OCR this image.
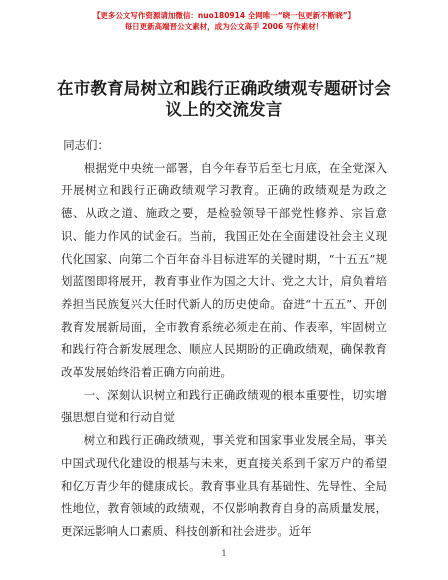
【更多公文写作资源请加微信：nuo180914 全网唯一“晓一包更新不断晓”】
每日更新高端晋公文素材，成为公文高手 2006 写作素材！
在市教育局树立和践行正确政绩观专题研讨会议上的交流发言

同志们：

根据党中央统一部署，自今年春节后至七月底，在全党深入开展树立和践行正确政绩观学习教育。正确的政绩观是为政之德、从政之道、施政之要，是检验领导干部党性修养、宗旨意识、能力作风的试金石。当前，我国正处在全面建设社会主义现代化国家、向第二个百年奋斗目标进军的关键时期，“十五五”规划蓝图即将展开，教育事业作为国之大计、党之大计，肩负着培养担当民族复兴大任时代新人的历史使命。奋进“十五五”、开创教育发展新局面，全市教育系统必须走在前、作表率，牢固树立和践行符合新发展理念、顺应人民期盼的正确政绩观，确保教育改革发展始终沿着正确方向前进。

一、深刻认识树立和践行正确政绩观的根本重要性，切实增强思想自觉和行动自觉

树立和践行正确政绩观，事关党和国家事业发展全局，事关中国式现代化建设的根基与未来，更直接关系到千家万户的希望和亿万青少年的健康成长。教育事业具有基础性、先导性、全局性地位，教育领域的政绩观，不仅影响教育自身的高质量发展，更深远影响人口素质、科技创新和社会进步。近年

1
